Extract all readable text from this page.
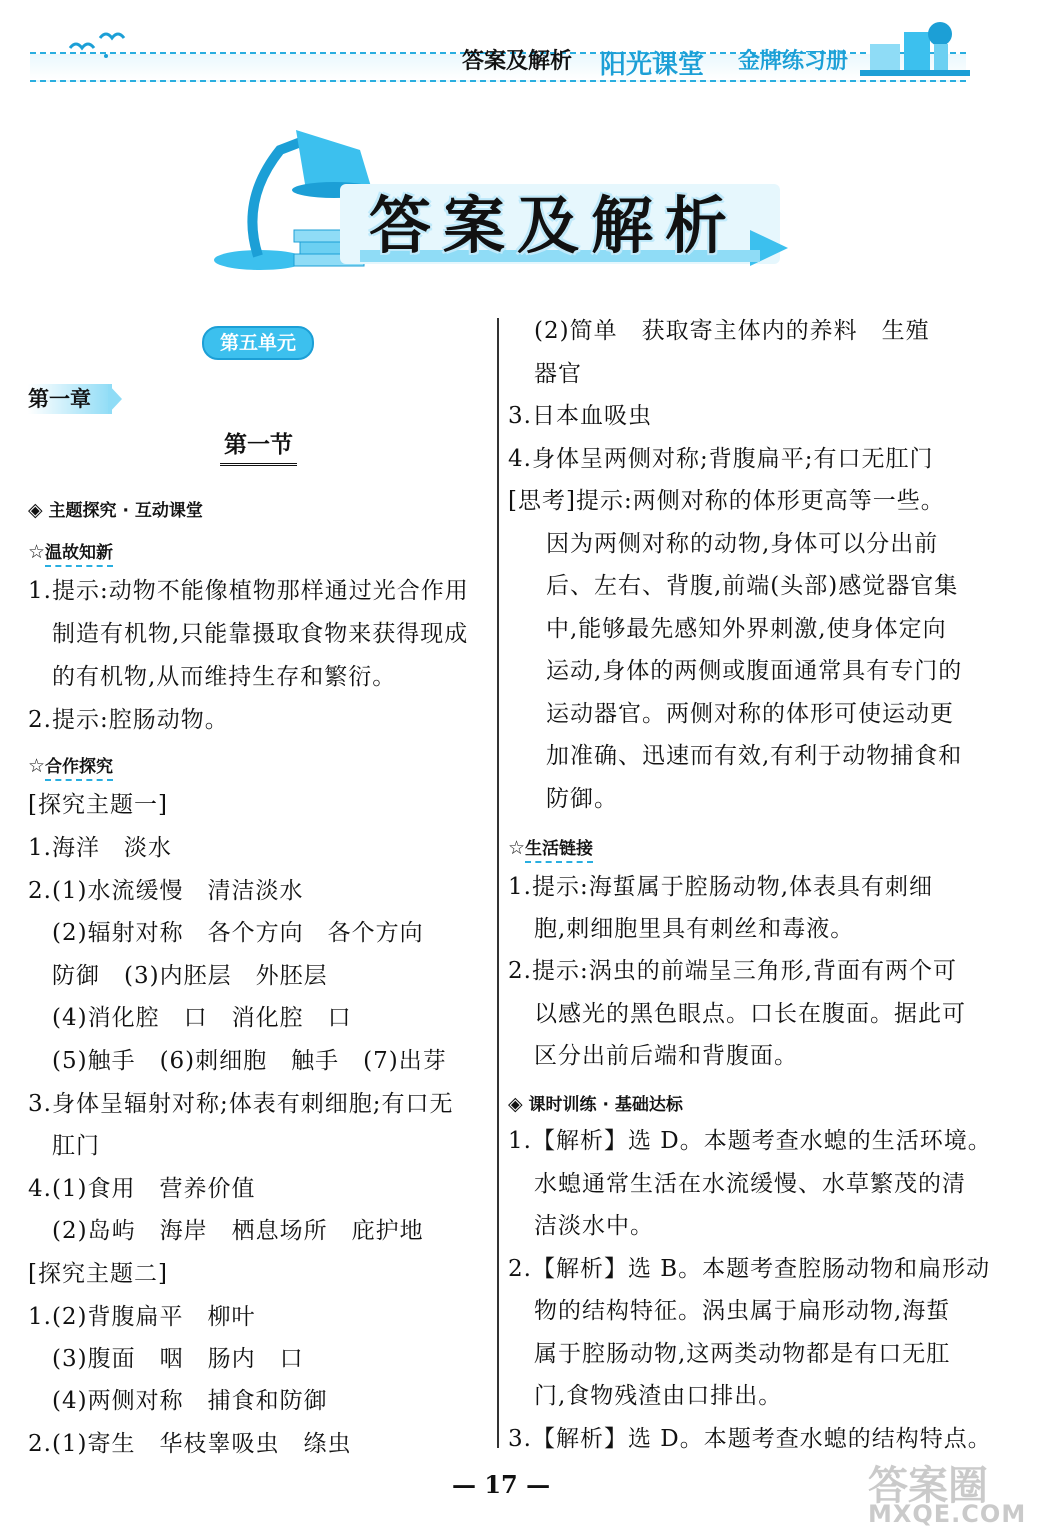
答案及解析 阳光课堂 金牌练习册
答 案 及 解 析
第五单元
第一章
第一节
◈ 主题探究 · 互动课堂
☆温故知新
1.提示:动物不能像植物那样通过光合作用
制造有机物,只能靠摄取食物来获得现成
的有机物,从而维持生存和繁衍。
2.提示:腔肠动物。
☆合作探究
[探究主题一]
1.海洋　淡水
2.(1)水流缓慢　清洁淡水
(2)辐射对称　各个方向　各个方向
防御　(3)内胚层　外胚层
(4)消化腔　口　消化腔　口
(5)触手　(6)刺细胞　触手　(7)出芽
3.身体呈辐射对称;体表有刺细胞;有口无
肛门
4.(1)食用　营养价值
(2)岛屿　海岸　栖息场所　庇护地
[探究主题二]
1.(2)背腹扁平　柳叶
(3)腹面　咽　肠内　口
(4)两侧对称　捕食和防御
2.(1)寄生　华枝睾吸虫　绦虫
(2)简单　获取寄主体内的养料　生殖
器官
3.日本血吸虫
4.身体呈两侧对称;背腹扁平;有口无肛门
[思考]提示:两侧对称的体形更高等一些。
因为两侧对称的动物,身体可以分出前
后、左右、背腹,前端(头部)感觉器官集
中,能够最先感知外界刺激,使身体定向
运动,身体的两侧或腹面通常具有专门的
运动器官。两侧对称的体形可使运动更
加准确、迅速而有效,有利于动物捕食和
防御。
☆生活链接
1.提示:海蜇属于腔肠动物,体表具有刺细
胞,刺细胞里具有刺丝和毒液。
2.提示:涡虫的前端呈三角形,背面有两个可
以感光的黑色眼点。口长在腹面。据此可
区分出前后端和背腹面。
◈ 课时训练 · 基础达标
1.【解析】选 D。本题考查水螅的生活环境。
水螅通常生活在水流缓慢、水草繁茂的清
洁淡水中。
2.【解析】选 B。本题考查腔肠动物和扁形动
物的结构特征。涡虫属于扁形动物,海蜇
属于腔肠动物,这两类动物都是有口无肛
门,食物残渣由口排出。
3.【解析】选 D。本题考查水螅的结构特点。
— 17 —	答案圈
MXQE.COM
